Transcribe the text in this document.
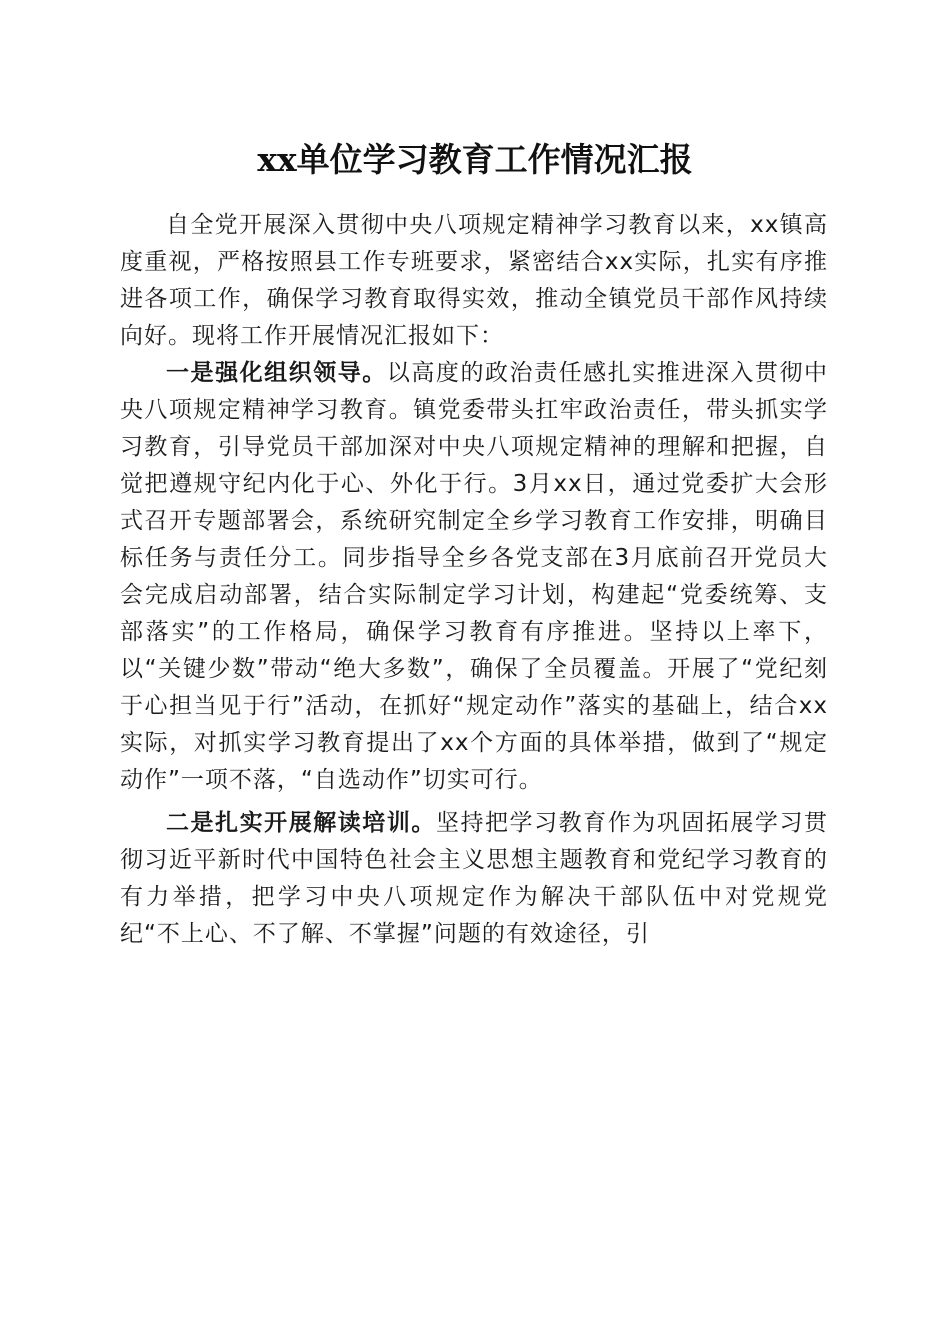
xx单位学习教育工作情况汇报

自全党开展深入贯彻中央八项规定精神学习教育以来，xx镇高度重视，严格按照县工作专班要求，紧密结合xx实际，扎实有序推进各项工作，确保学习教育取得实效，推动全镇党员干部作风持续向好。现将工作开展情况汇报如下：

一是强化组织领导。以高度的政治责任感扎实推进深入贯彻中央八项规定精神学习教育。镇党委带头扛牢政治责任，带头抓实学习教育，引导党员干部加深对中央八项规定精神的理解和把握，自觉把遵规守纪内化于心、外化于行。3月xx日，通过党委扩大会形式召开专题部署会，系统研究制定全乡学习教育工作安排，明确目标任务与责任分工。同步指导全乡各党支部在3月底前召开党员大会完成启动部署，结合实际制定学习计划，构建起“党委统筹、支部落实”的工作格局，确保学习教育有序推进。坚持以上率下，以“关键少数”带动“绝大多数”，确保了全员覆盖。开展了“党纪刻于心担当见于行”活动，在抓好“规定动作”落实的基础上，结合xx实际，对抓实学习教育提出了xx个方面的具体举措，做到了“规定动作”一项不落，“自选动作”切实可行。

二是扎实开展解读培训。坚持把学习教育作为巩固拓展学习贯彻习近平新时代中国特色社会主义思想主题教育和党纪学习教育的有力举措，把学习中央八项规定作为解决干部队伍中对党规党纪“不上心、不了解、不掌握”问题的有效途径，引
